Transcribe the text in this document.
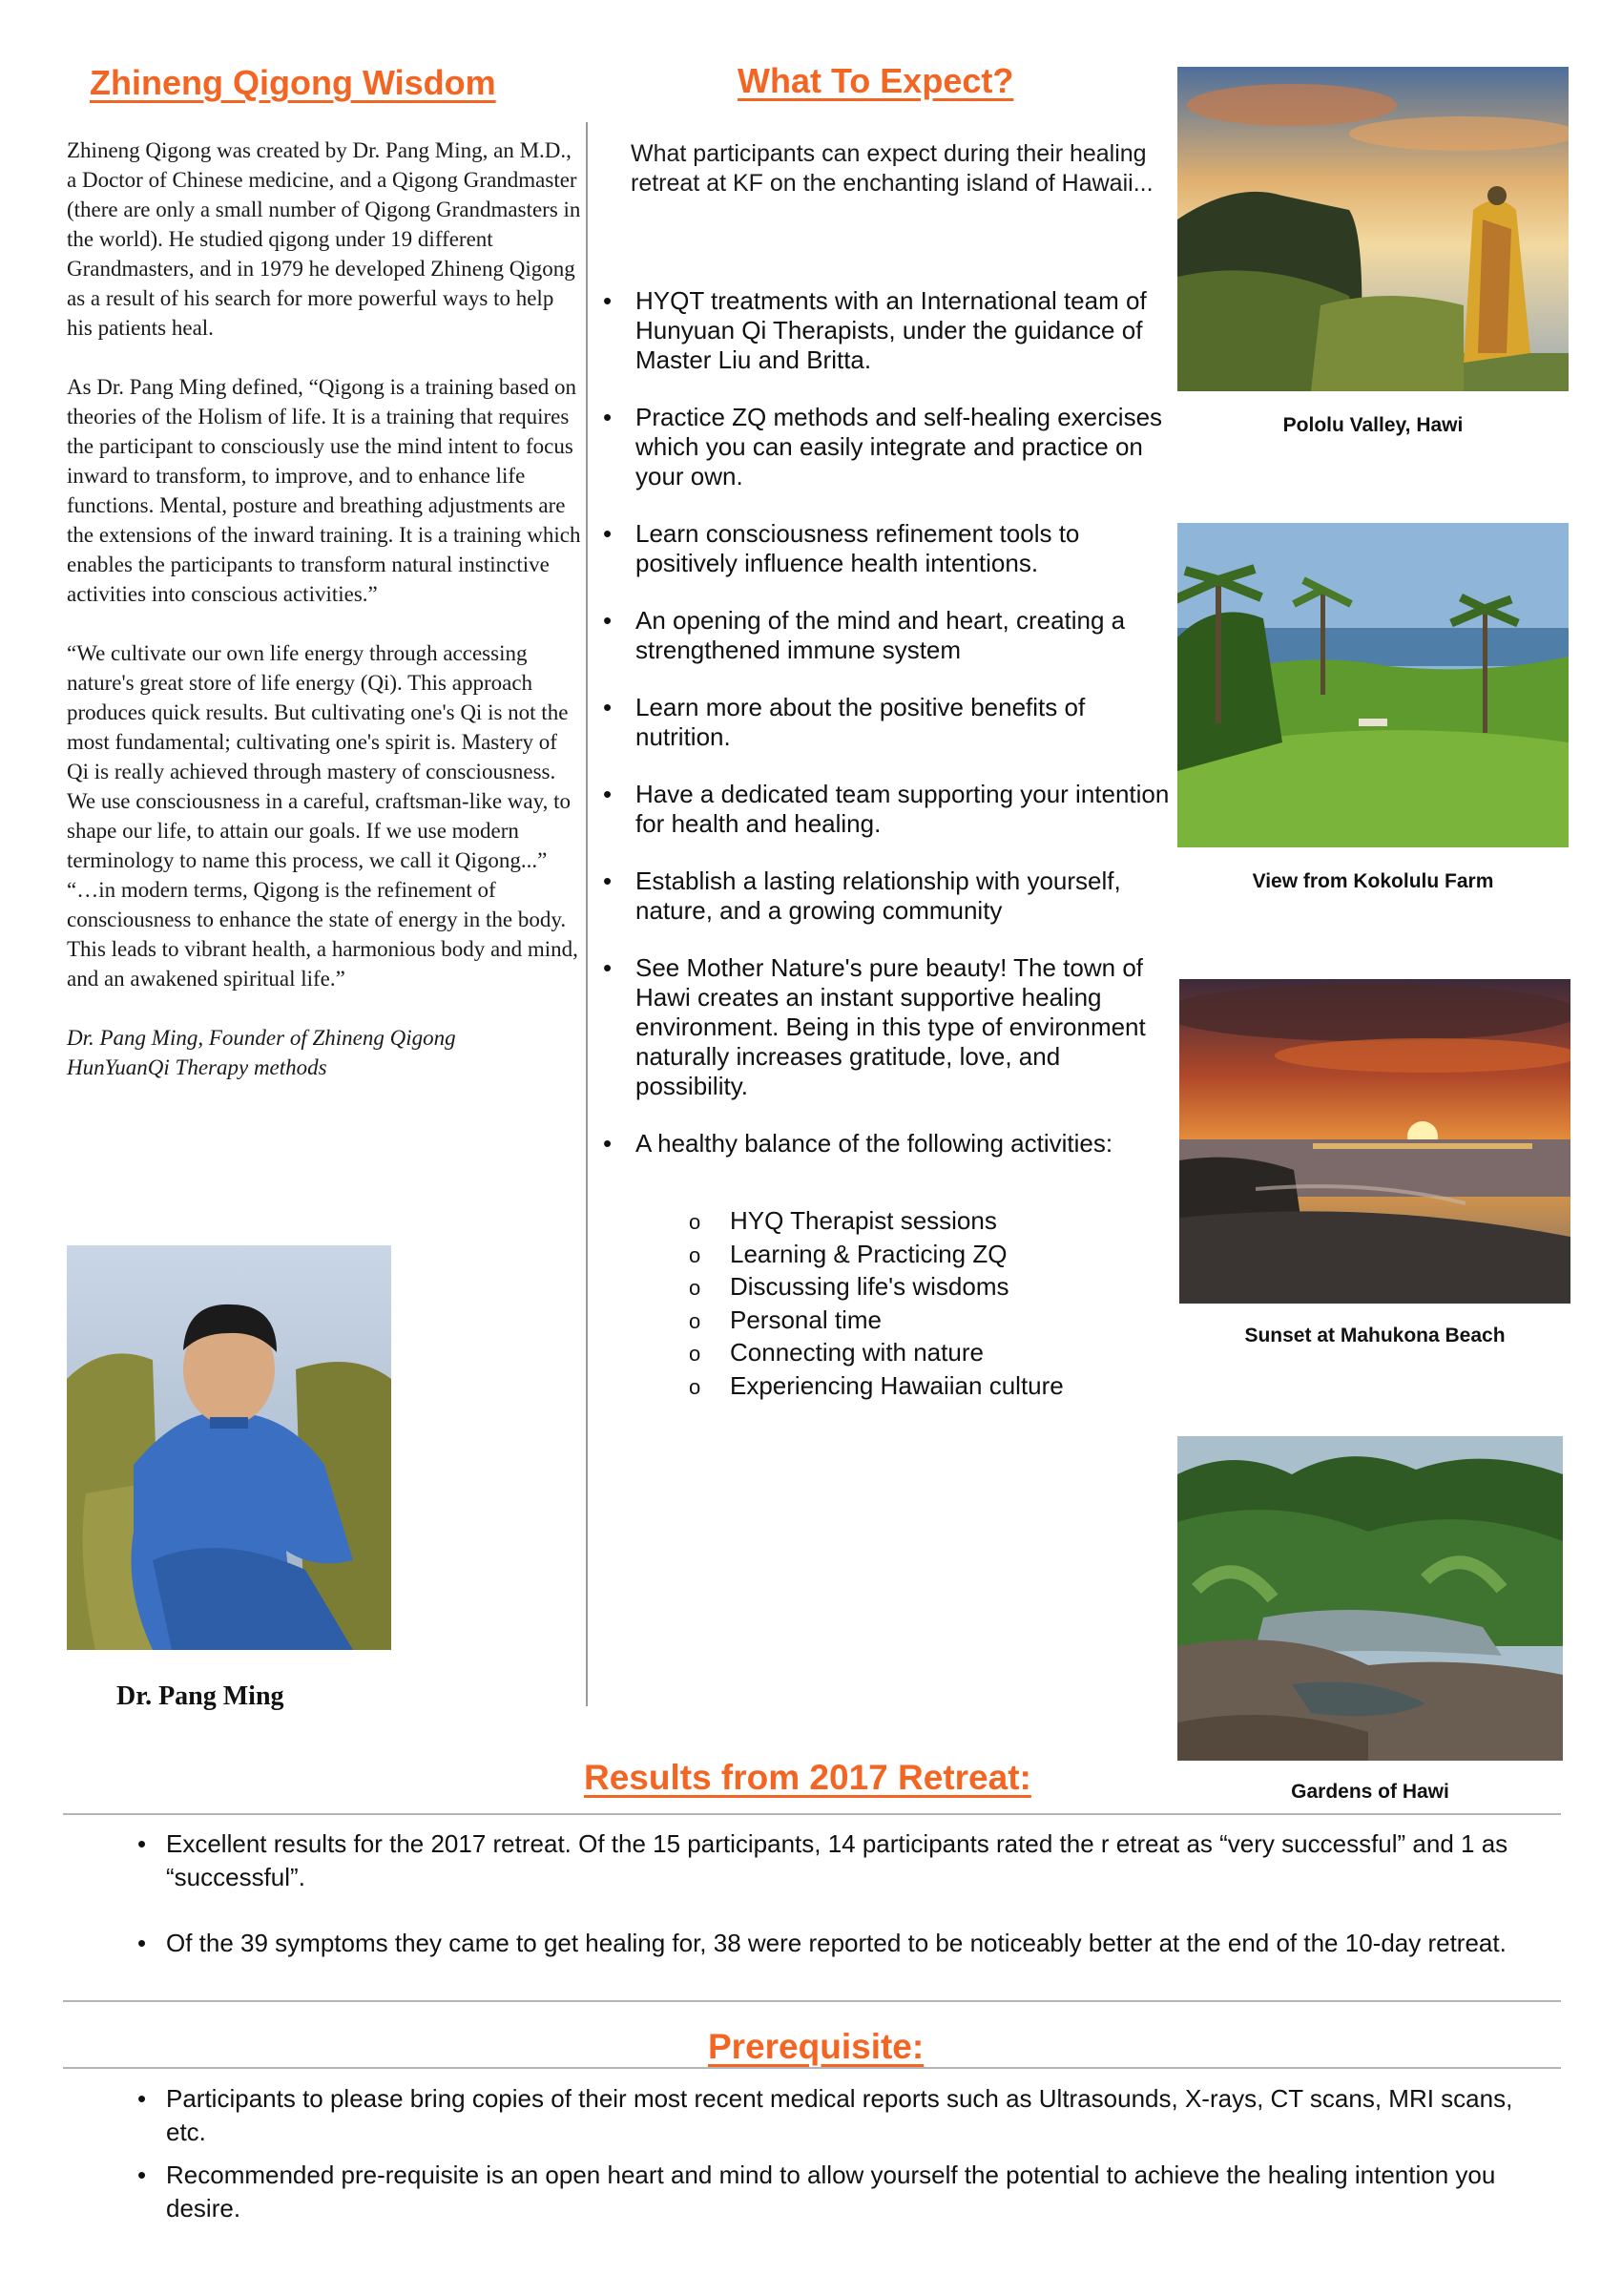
Zhineng Qigong Wisdom

Zhineng Qigong was created by Dr. Pang Ming, an M.D., a Doctor of Chinese medicine, and a Qigong Grandmaster (there are only a small number of Qigong Grandmasters in the world). He studied qigong under 19 different Grandmasters, and in 1979 he developed Zhineng Qigong as a result of his search for more powerful ways to help his patients heal.

As Dr. Pang Ming defined, “Qigong is a training based on theories of the Holism of life. It is a training that requires the participant to consciously use the mind intent to focus inward to transform, to improve, and to enhance life functions. Mental, posture and breathing adjustments are the extensions of the inward training. It is a training which enables the participants to transform natural instinctive activities into conscious activities.”

“We cultivate our own life energy through accessing nature's great store of life energy (Qi). This approach produces quick results. But cultivating one's Qi is not the most fundamental; cultivating one's spirit is. Mastery of Qi is really achieved through mastery of consciousness. We use consciousness in a careful, craftsman-like way, to shape our life, to attain our goals. If we use modern terminology to name this process, we call it Qigong...” “…in modern terms, Qigong is the refinement of consciousness to enhance the state of energy in the body. This leads to vibrant health, a harmonious body and mind, and an awakened spiritual life.”

Dr. Pang Ming, Founder of Zhineng Qigong
HunYuanQi Therapy methods

Dr. Pang Ming
What To Expect?
What participants can expect during their healing retreat at KF on the enchanting island of Hawaii...
• HYQT treatments with an International team of Hunyuan Qi Therapists, under the guidance of Master Liu and Britta.
• Practice ZQ methods and self-healing exercises which you can easily integrate and practice on your own.
• Learn consciousness refinement tools to positively influence health intentions.
• An opening of the mind and heart, creating a strengthened immune system
• Learn more about the positive benefits of nutrition.
• Have a dedicated team supporting your intention for health and healing.
• Establish a lasting relationship with yourself, nature, and a growing community
• See Mother Nature's pure beauty! The town of Hawi creates an instant supportive healing environment. Being in this type of environment naturally increases gratitude, love, and possibility.
• A healthy balance of the following activities:
o HYQ Therapist sessions
o Learning & Practicing ZQ
o Discussing life's wisdoms
o Personal time
o Connecting with nature
o Experiencing Hawaiian culture
Pololu Valley, Hawi
View from Kokolulu Farm
Sunset at Mahukona Beach
Gardens of Hawi
Results from 2017 Retreat:
• Excellent results for the 2017 retreat. Of the 15 participants, 14 participants rated the r etreat as “very successful” and 1 as “successful”.
• Of the 39 symptoms they came to get healing for, 38 were reported to be noticeably better at the end of the 10-day retreat.
Prerequisite:
• Participants to please bring copies of their most recent medical reports such as Ultrasounds, X-rays, CT scans, MRI scans, etc.
• Recommended pre-requisite is an open heart and mind to allow yourself the potential to achieve the healing intention you desire.
